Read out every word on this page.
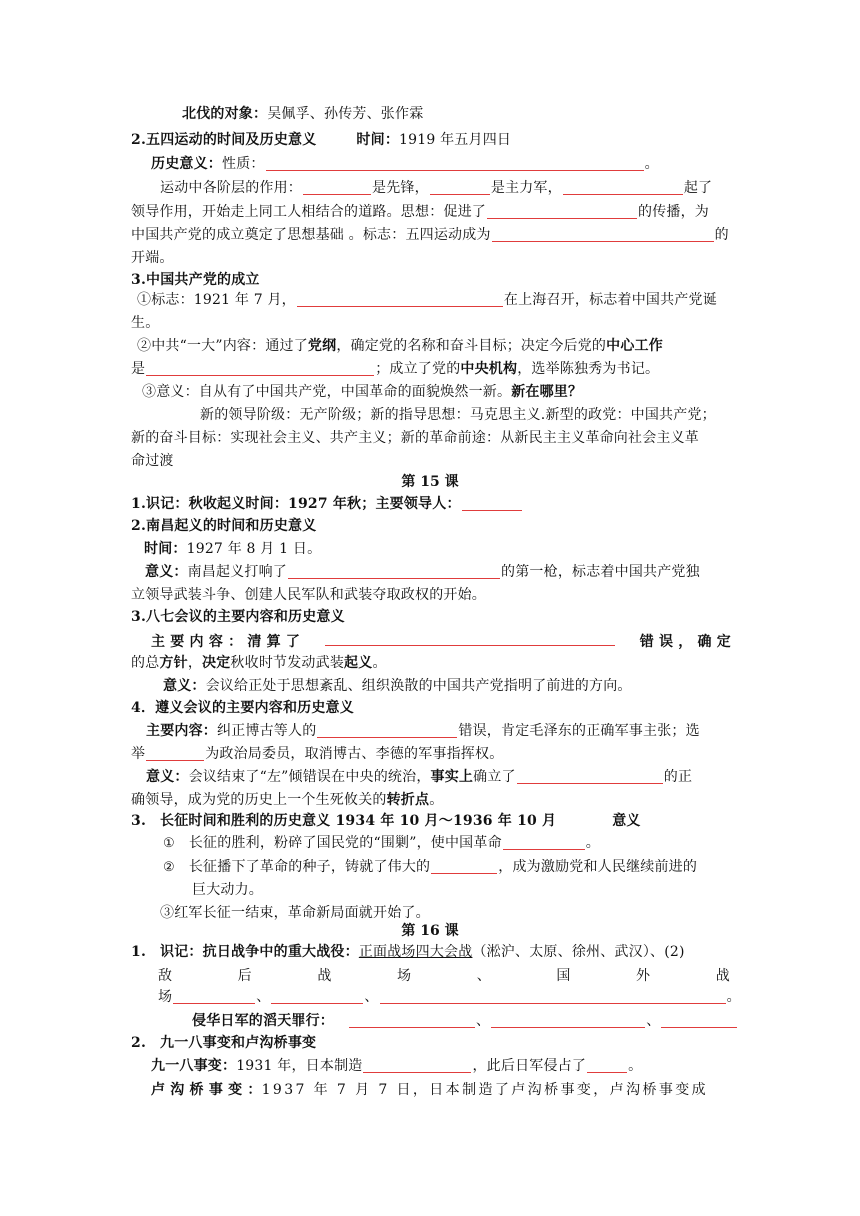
北伐的对象：吴佩孚、孙传芳、张作霖
2.五四运动的时间及历史意义	时间：1919 年五月四日
历史意义：性质：	。
运动中各阶层的作用：	是先锋，	是主力军，	起了
领导作用，开始走上同工人相结合的道路。思想：促进了	的传播，为
中国共产党的成立奠定了思想基础 。标志：五四运动成为	的
开端。
3.中国共产党的成立
①标志：1921 年 7 月，	在上海召开，标志着中国共产党诞
生。
②中共“一大”内容：通过了党纲，确定党的名称和奋斗目标；决定今后党的中心工作
是	；成立了党的中央机构，选举陈独秀为书记。
③意义：自从有了中国共产党，中国革命的面貌焕然一新。新在哪里？
新的领导阶级：无产阶级；新的指导思想：马克思主义.新型的政党：中国共产党；
新的奋斗目标：实现社会主义、共产主义；新的革命前途：从新民主主义革命向社会主义革
命过渡
第 15 课
1.识记：秋收起义时间：1927 年秋；主要领导人：
2.南昌起义的时间和历史意义
时间：1927 年 8 月 1 日。
意义：南昌起义打响了	的第一枪，标志着中国共产党独
立领导武装斗争、创建人民军队和武装夺取政权的开始。
3.八七会议的主要内容和历史意义
主 要 内 容 ： 清 算 了	错 误 ， 确 定
的总方针，决定秋收时节发动武装起义。
意义：会议给正处于思想紊乱、组织涣散的中国共产党指明了前进的方向。
4．遵义会议的主要内容和历史意义
主要内容：纠正博古等人的	错误，肯定毛泽东的正确军事主张；选
举	为政治局委员，取消博古、李德的军事指挥权。
意义：会议结束了“左”倾错误在中央的统治，事实上确立了	的正
确领导，成为党的历史上一个生死攸关的转折点。
3. 长征时间和胜利的历史意义 1934 年 10 月～1936 年 10 月	意义
① 长征的胜利，粉碎了国民党的“围剿”，使中国革命	。
② 长征播下了革命的种子，铸就了伟大的	，成为激励党和人民继续前进的
巨大动力。
③红军长征一结束，革命新局面就开始了。
第 16 课
1. 识记：抗日战争中的重大战役：正面战场四大会战（淞沪、太原、徐州、武汉）、(2)
敌	后	战	场	、	国	外	战
场	、	、	。
侵华日军的滔天罪行：	、	、
2. 九一八事变和卢沟桥事变
九一八事变：1931 年，日本制造	，此后日军侵占了	。
卢 沟 桥 事 变 ：1937 年 7 月 7 日，日本制造了卢沟桥事变，卢沟桥事变成
